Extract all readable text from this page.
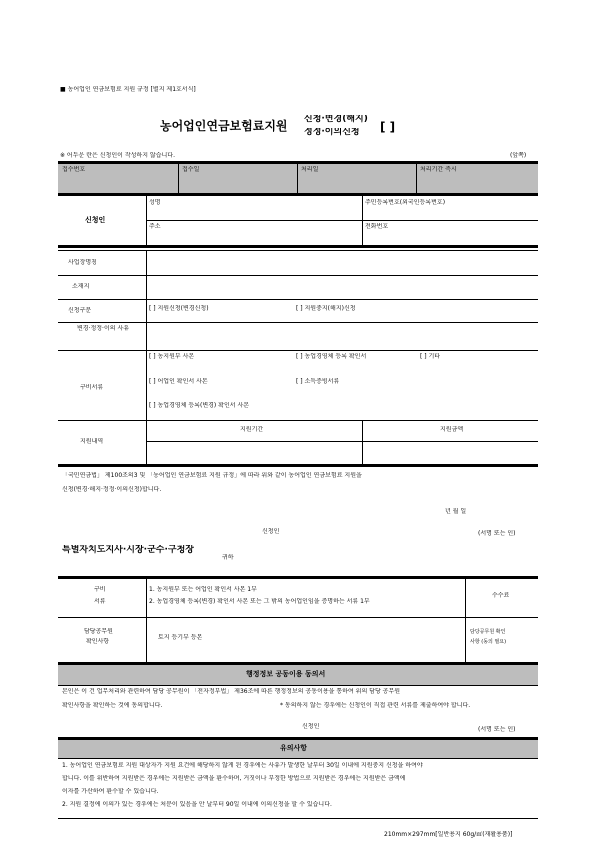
■ 농어업인 연금보험료 지원 규정 [별지 제1호서식]
농어업인연금보험료지원 신청·변경(해지)
정정·이의신청 [ ]
※ 어두운 란은 신청인이 작성하지 않습니다.	(앞쪽)
접수번호	접수일	처리일	처리기간 즉시
신청인
성명	주민등록번호(외국인등록번호)
주소	전화번호
사업장명칭
소재지
신청구분	[ ] 지원신청(변경신청)	[ ] 지원중지(해지)신청
변경·정정·이의 사유
구비서류
[ ] 농지원부 사본	[ ] 농업경영체 등록 확인서	[ ] 기타
[ ] 어업인 확인서 사본	[ ] 소득증빙서류
[ ] 농업경영체 등록(변경) 확인서 사본
지원내역
지원기간	지원금액
「국민연금법」 제100조의3 및 「농어업인 연금보험료 지원 규정」에 따라 위와 같이 농어업인 연금보험료 지원을
신청(변경·해지·정정·이의신청)합니다.
년 월 일
신청인	(서명 또는 인)
특별자치도지사·시장·군수·구청장
귀하
구비
서류
1. 농지원부 또는 어업인 확인서 사본 1부
2. 농업경영체 등록(변경) 확인서 사본 또는 그 밖의 농어업인임을 증명하는 서류 1부
수수료
담당공무원
확인사항
토지 등기부 등본
담당공무원 확인
사항 (동의 필요)
행정정보 공동이용 동의서
본인은 이 건 업무처리와 관련하여 담당 공무원이 「전자정부법」 제36조에 따른 행정정보의 공동이용을 통하여 위의 담당 공무원
확인사항을 확인하는 것에 동의합니다.	* 동의하지 않는 경우에는 신청인이 직접 관련 서류를 제출하여야 합니다.
신청인	(서명 또는 인)
유의사항
1. 농어업인 연금보험료 지원 대상자가 지원 요건에 해당하지 않게 된 경우에는 사유가 발생한 날부터 30일 이내에 지원중지 신청을 하여야
합니다. 이를 위반하여 지원받은 경우에는 지원받은 금액을 환수하며, 거짓이나 부정한 방법으로 지원받은 경우에는 지원받은 금액에
이자를 가산하여 환수할 수 있습니다.
2. 지원 결정에 이의가 있는 경우에는 처분이 있음을 안 날부터 90일 이내에 이의신청을 할 수 있습니다.
210mm×297mm[일반용지 60g/㎡(재활용품)]
